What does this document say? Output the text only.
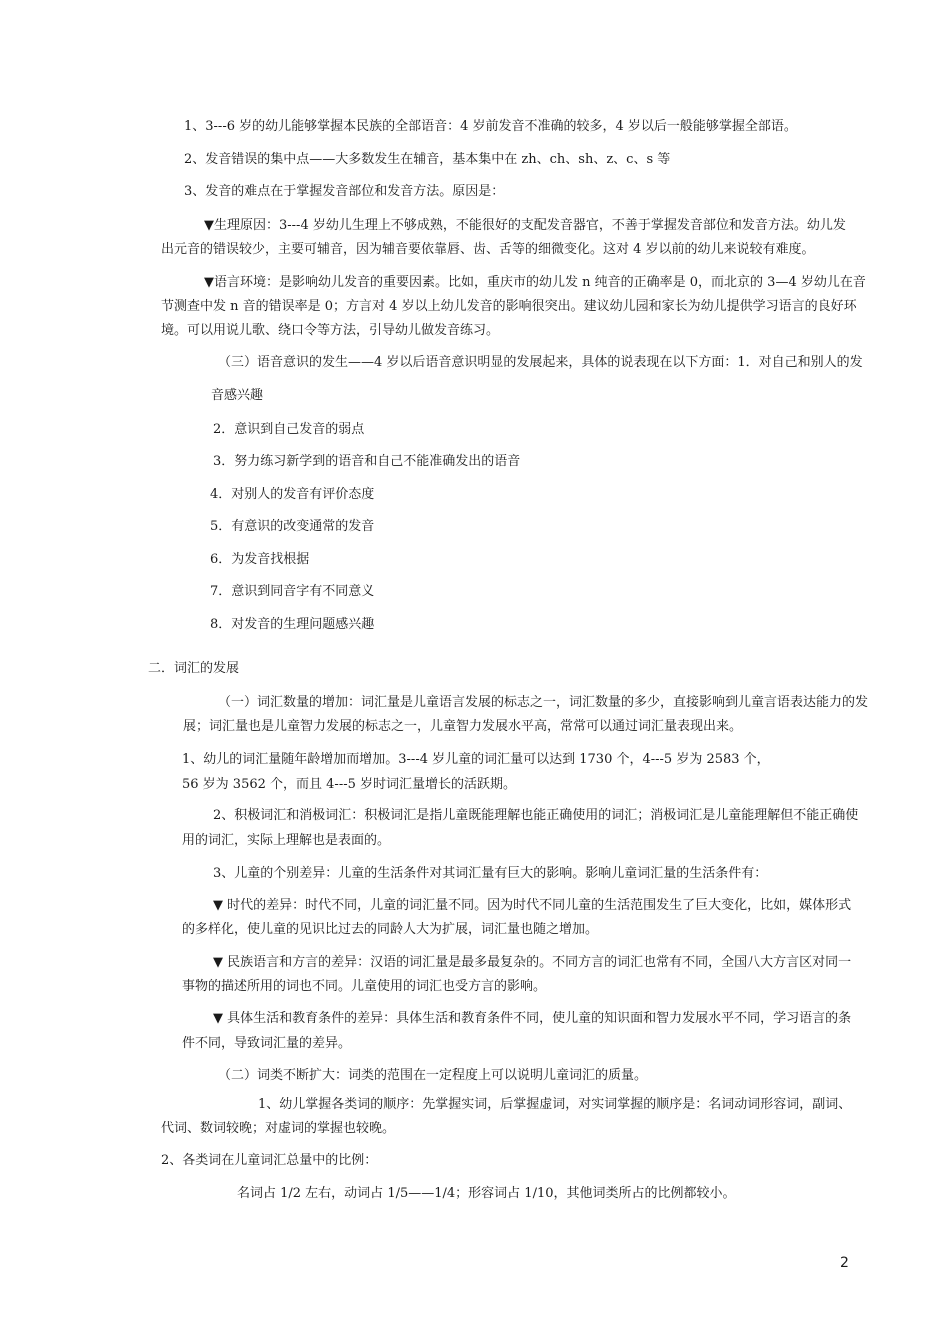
1、3---6 岁的幼儿能够掌握本民族的全部语音：4 岁前发音不准确的较多，4 岁以后一般能够掌握全部语。
2、发音错误的集中点——大多数发生在辅音，基本集中在 zh、ch、sh、z、c、s 等
3、发音的难点在于掌握发音部位和发音方法。原因是：
▼生理原因：3---4 岁幼儿生理上不够成熟，不能很好的支配发音器官，不善于掌握发音部位和发音方法。幼儿发
出元音的错误较少，主要可辅音，因为辅音要依靠唇、齿、舌等的细微变化。这对 4 岁以前的幼儿来说较有难度。
▼语言环境：是影响幼儿发音的重要因素。比如，重庆市的幼儿发 n 纯音的正确率是 0，而北京的 3—4 岁幼儿在音
节测查中发 n 音的错误率是 0；方言对 4 岁以上幼儿发音的影响很突出。建议幼儿园和家长为幼儿提供学习语言的良好环
境。可以用说儿歌、绕口令等方法，引导幼儿做发音练习。
（三）语音意识的发生——4 岁以后语音意识明显的发展起来，具体的说表现在以下方面：1．对自己和别人的发
音感兴趣
2．意识到自己发音的弱点
3．努力练习新学到的语音和自己不能准确发出的语音
4．对别人的发音有评价态度
5．有意识的改变通常的发音
6．为发音找根据
7．意识到同音字有不同意义
8．对发音的生理问题感兴趣
二．词汇的发展
（一）词汇数量的增加：词汇量是儿童语言发展的标志之一，词汇数量的多少，直接影响到儿童言语表达能力的发
展；词汇量也是儿童智力发展的标志之一，儿童智力发展水平高，常常可以通过词汇量表现出来。
1、幼儿的词汇量随年龄增加而增加。3---4 岁儿童的词汇量可以达到 1730 个，4---5 岁为 2583 个，
56 岁为 3562 个，而且 4---5 岁时词汇量增长的活跃期。
2、积极词汇和消极词汇：积极词汇是指儿童既能理解也能正确使用的词汇；消极词汇是儿童能理解但不能正确使
用的词汇，实际上理解也是表面的。
3、儿童的个别差异：儿童的生活条件对其词汇量有巨大的影响。影响儿童词汇量的生活条件有：
▼ 时代的差异：时代不同，儿童的词汇量不同。因为时代不同儿童的生活范围发生了巨大变化，比如，媒体形式
的多样化，使儿童的见识比过去的同龄人大为扩展，词汇量也随之增加。
▼ 民族语言和方言的差异：汉语的词汇量是最多最复杂的。不同方言的词汇也常有不同，全国八大方言区对同一
事物的描述所用的词也不同。儿童使用的词汇也受方言的影响。
▼ 具体生活和教育条件的差异：具体生活和教育条件不同，使儿童的知识面和智力发展水平不同，学习语言的条
件不同，导致词汇量的差异。
（二）词类不断扩大：词类的范围在一定程度上可以说明儿童词汇的质量。
1、幼儿掌握各类词的顺序：先掌握实词，后掌握虚词，对实词掌握的顺序是：名词动词形容词，副词、
代词、数词较晚；对虚词的掌握也较晚。
2、各类词在儿童词汇总量中的比例：
名词占 1/2 左右，动词占 1/5——1/4；形容词占 1/10，其他词类所占的比例都较小。
2
